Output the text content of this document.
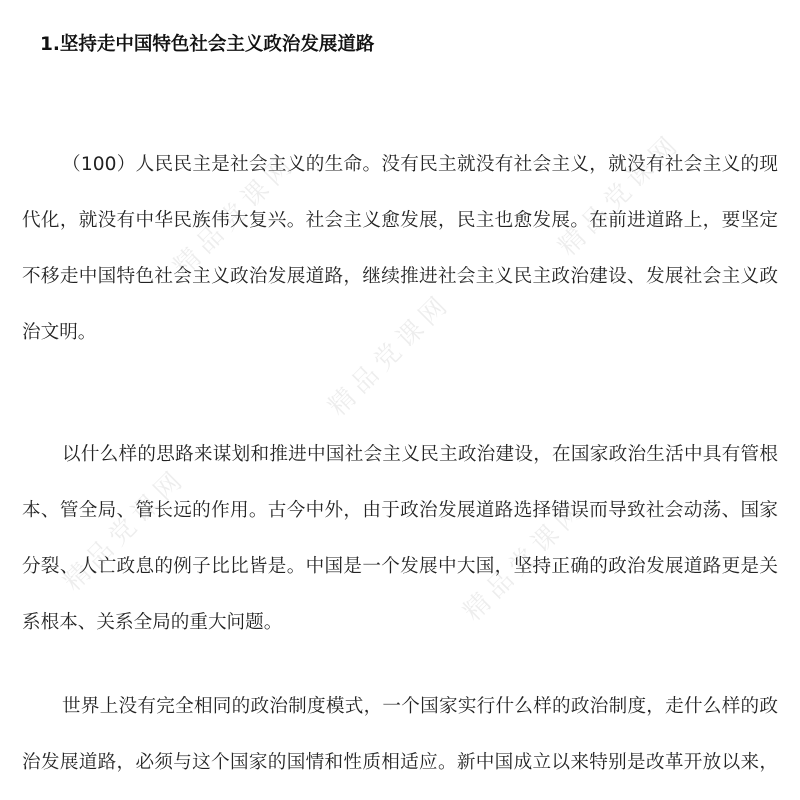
精品党课网	精品党课网
精品党课网
精品党课网	精品党课网
1.坚持走中国特色社会主义政治发展道路
（100）人民民主是社会主义的生命。没有民主就没有社会主义，就没有社会主义的现
代化，就没有中华民族伟大复兴。社会主义愈发展，民主也愈发展。在前进道路上，要坚定
不移走中国特色社会主义政治发展道路，继续推进社会主义民主政治建设、发展社会主义政
治文明。
以什么样的思路来谋划和推进中国社会主义民主政治建设，在国家政治生活中具有管根
本、管全局、管长远的作用。古今中外，由于政治发展道路选择错误而导致社会动荡、国家
分裂、人亡政息的例子比比皆是。中国是一个发展中大国，坚持正确的政治发展道路更是关
系根本、关系全局的重大问题。
世界上没有完全相同的政治制度模式，一个国家实行什么样的政治制度，走什么样的政
治发展道路，必须与这个国家的国情和性质相适应。新中国成立以来特别是改革开放以来，
